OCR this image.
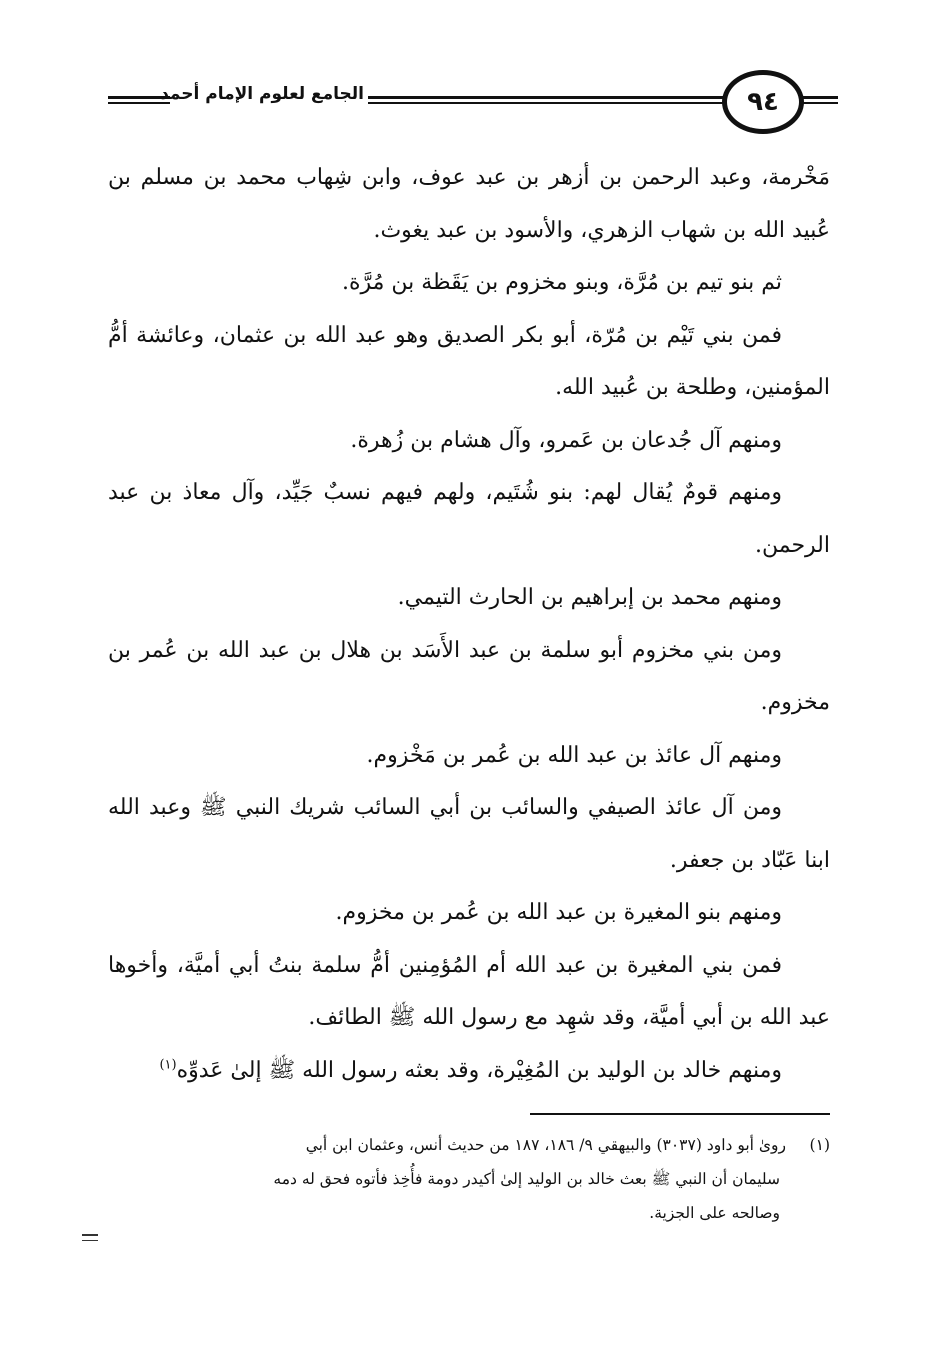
الجامع لعلوم الإمام أحمد	٩٤

مَخْرمة، وعبد الرحمن بن أزهر بن عبد عوف، وابن شِهاب محمد بن مسلم بن عُبيد الله بن شهاب الزهري، والأسود بن عبد يغوث.

ثم بنو تيم بن مُرَّة، وبنو مخزوم بن يَقَظة بن مُرَّة.

فمن بني تَيْم بن مُرّة، أبو بكر الصديق وهو عبد الله بن عثمان، وعائشة أمُّ المؤمنين، وطلحة بن عُبيد الله.

ومنهم آل جُدعان بن عَمرو، وآل هشام بن زُهرة.

ومنهم قومٌ يُقال لهم: بنو شُتَيم، ولهم فيهم نسبٌ جَيِّد، وآل معاذ بن عبد الرحمن.

ومنهم محمد بن إبراهيم بن الحارث التيمي.

ومن بني مخزوم أبو سلمة بن عبد الأَسَد بن هلال بن عبد الله بن عُمر بن مخزوم.

ومنهم آل عائذ بن عبد الله بن عُمر بن مَخْزوم.

ومن آل عائذ الصيفي والسائب بن أبي السائب شريك النبي ﷺ وعبد الله ابنا عَبّاد بن جعفر.

ومنهم بنو المغيرة بن عبد الله بن عُمر بن مخزوم.

فمن بني المغيرة بن عبد الله أم المُؤمِنين أمُّ سلمة بنتُ أبي أميَّة، وأخوها عبد الله بن أبي أميَّة، وقد شهِد مع رسول الله ﷺ الطائف.

ومنهم خالد بن الوليد بن المُغِيْرة، وقد بعثه رسول الله ﷺ إلىٰ عَدوِّه$^{(١)}$

(١)روىٰ أبو داود (٣٠٣٧) والبيهقي ٩/ ١٨٦، ١٨٧ من حديث أنس، وعثمان ابن أبي

سليمان أن النبي ﷺ بعث خالد بن الوليد إلىٰ أكيدر دومة فأُخِذ فأتوه فحق له دمه

وصالحه على الجزية.
